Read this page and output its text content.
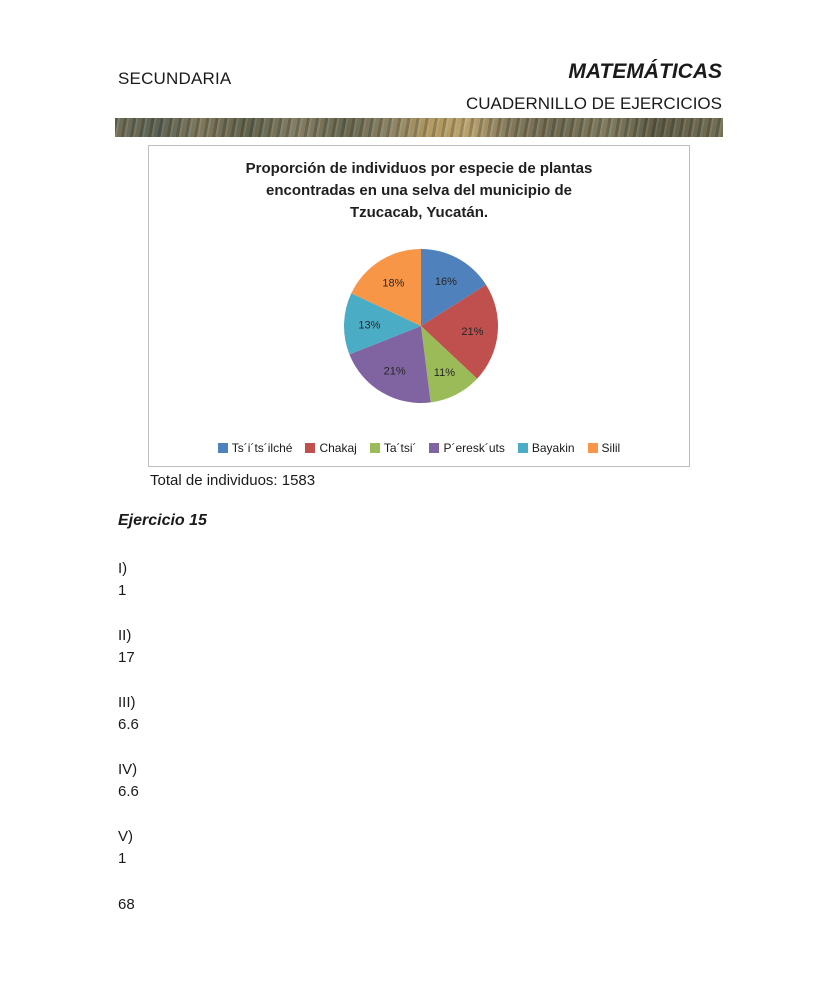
SECUNDARIA	MATEMÁTICAS
CUADERNILLO DE EJERCICIOS
Proporción de individuos por especie de plantas
encontradas en una selva del municipio de
Tzucacab, Yucatán.
16%
21%
11%
21%
13%
18%
Ts´i´ts´ilché Chakaj Ta´tsi´ P´eresk´uts Bayakin Silil
Total de individuos: 1583
Ejercicio 15
I)
1
II)
17
III)
6.6
IV)
6.6
V)
1
68
